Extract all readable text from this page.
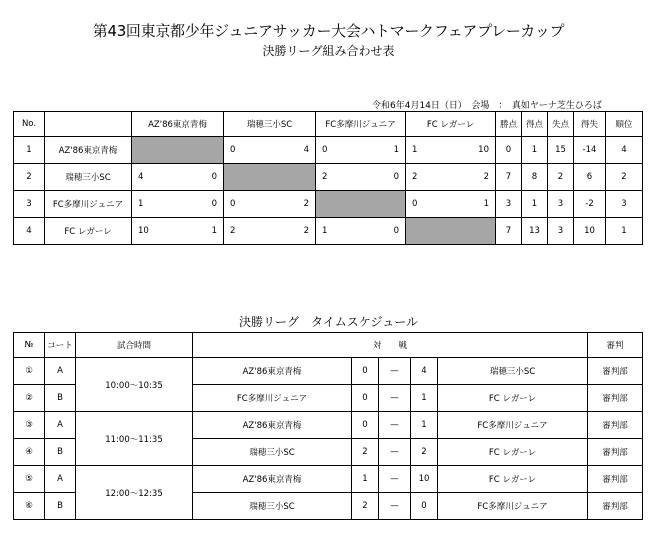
第43回東京都少年ジュニアサッカー大会ハトマークフェアプレーカップ
決勝リーグ組み合わせ表
令和6年4月14日（日）　会場　：　真如ヤーナ芝生ひろば
No.		AZ'86東京青梅	瑞穂三小SC	FC多摩川ジュニア	FC レガーレ	勝点	得点	失点	得失	順位
1	AZ'86東京青梅		0 4	0 1	1 10	0	1	15	-14	4
2	瑞穂三小SC	4 0		2 0	2 2	7	8	2	6	2
3	FC多摩川ジュニア	1 0	0 2		0 1	3	1	3	-2	3
4	FC レガーレ	10 1	2 2	1 0		7	13	3	10	1
決勝リーグ　タイムスケジュール
№	コート	試合時間	対　　戦					審判
①	A	10:00～10:35	AZ'86東京青梅	0	—	4	瑞穂三小SC	審判部
②	B		FC多摩川ジュニア	0	—	1	FC レガーレ	審判部
③	A	11:00～11:35	AZ'86東京青梅	0	—	1	FC多摩川ジュニア	審判部
④	B		瑞穂三小SC	2	—	2	FC レガーレ	審判部
⑤	A	12:00～12:35	AZ'86東京青梅	1	—	10	FC レガーレ	審判部
⑥	B		瑞穂三小SC	2	—	0	FC多摩川ジュニア	審判部
